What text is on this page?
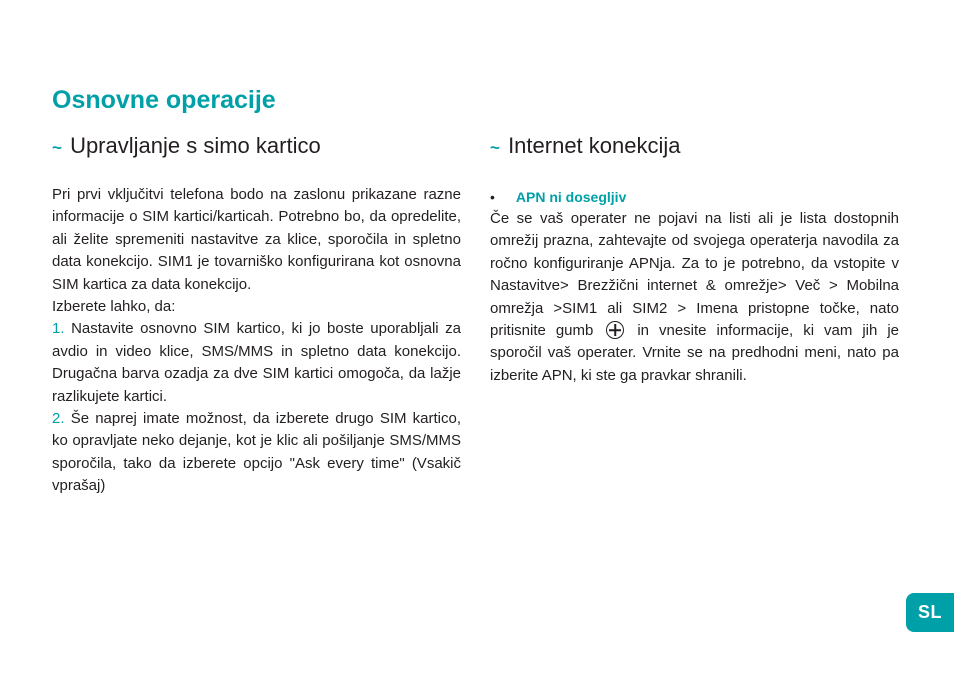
Osnovne operacije
~ Upravljanje s simo kartico

Pri prvi vključitvi telefona bodo na zaslonu prikazane razne informacije o SIM kartici/karticah. Potrebno bo, da opredelite, ali želite spremeniti nastavitve za klice, sporočila in spletno data konekcijo. SIM1 je tovarniško konfigurirana kot osnovna SIM kartica za data konekcijo.

Izberete lahko, da:

1. Nastavite osnovno SIM kartico, ki jo boste uporabljali za avdio in video klice, SMS/MMS in spletno data konekcijo. Drugačna barva ozadja za dve SIM kartici omogoča, da lažje razlikujete kartici.

2. Še naprej imate možnost, da izberete drugo SIM kartico, ko opravljate neko dejanje, kot je klic ali pošiljanje SMS/MMS sporočila, tako da izberete opcijo "Ask every time" (Vsakič vprašaj)

~ Internet konekcija

• APN ni dosegljiv

Če se vaš operater ne pojavi na listi ali je lista dostopnih omrežij prazna, zahtevajte od svojega operaterja navodila za ročno konfiguriranje APNja. Za to je potrebno, da vstopite v Nastavitve> Brezžični internet & omrežje> Več > Mobilna omrežja >SIM1 ali SIM2 > Imena pristopne točke, nato pritisnite gumb	in vnesite informacije, ki vam jih je sporočil vaš operater. Vrnite se na predhodni meni, nato pa izberite APN, ki ste ga pravkar shranili.

SL
